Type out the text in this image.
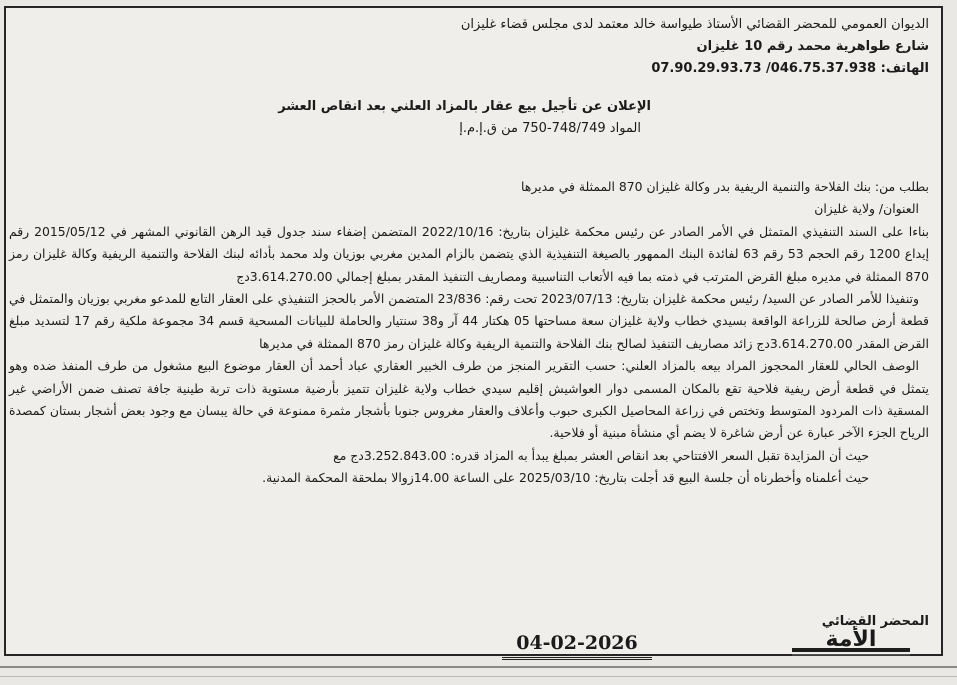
الديوان العمومي للمحضر القضائي الأستاذ طيواسة خالد معتمد لدى مجلس قضاء غليزان
شارع طواهرية محمد رقم 10 غليزان
الهاتف: 07.90.29.93.73 /046.75.37.938
الإعلان عن تأجيل بيع عقار بالمزاد العلني بعد انقاص العشر
المواد 748/749-750 من ق.إ.م.إ

بطلب من: بنك الفلاحة والتنمية الريفية بدر وكالة غليزان 870 الممثلة في مديرها

العنوان/ ولاية غليزان

بناءا على السند التنفيذي المتمثل في الأمر الصادر عن رئيس محكمة غليزان بتاريخ: 2022/10/16 المتضمن إضفاء سند جدول قيد الرهن القانوني المشهر في 2015/05/12 رقم إيداع 1200 رقم الحجم 53 رقم 63 لفائدة البنك الممهور بالصيغة التنفيذية الذي يتضمن بالزام المدين مغربي بوزيان ولد محمد بأدائه لبنك الفلاحة والتنمية الريفية وكالة غليزان رمز 870 الممثلة في مديره مبلغ القرض المترتب في ذمته بما فيه الأتعاب التناسبية ومصاريف التنفيذ المقدر بمبلغ إجمالي 3.614.270.00دج

وتنفيذا للأمر الصادر عن السيد/ رئيس محكمة غليزان بتاريخ: 2023/07/13 تحت رقم: 23/836 المتضمن الأمر بالحجز التنفيذي على العقار التابع للمدعو مغربي بوزيان والمتمثل في قطعة أرض صالحة للزراعة الواقعة بسيدي خطاب ولاية غليزان سعة مساحتها 05 هكتار 44 آر و38 سنتيار والحاملة للبيانات المسحية قسم 34 مجموعة ملكية رقم 17 لتسديد مبلغ القرض المقدر 3.614.270.00دج زائد مصاريف التنفيذ لصالح بنك الفلاحة والتنمية الريفية وكالة غليزان رمز 870 الممثلة في مديرها

الوصف الحالي للعقار المحجوز المراد بيعه بالمزاد العلني: حسب التقرير المنجز من طرف الخبير العقاري عباد أحمد أن العقار موضوع البيع مشغول من طرف المنفذ ضده وهو يتمثل في قطعة أرض ريفية فلاحية تقع بالمكان المسمى دوار العواشيش إقليم سيدي خطاب ولاية غليزان تتميز بأرضية مستوية ذات تربة طينية جافة تصنف ضمن الأراضي غير المسقية ذات المردود المتوسط وتختص في زراعة المحاصيل الكبرى حبوب وأعلاف والعقار مغروس جنوبا بأشجار مثمرة ممنوعة في حالة يبسان مع وجود بعض أشجار بستان كمصدة الرياح الجزء الآخر عبارة عن أرض شاغرة لا يضم أي منشأة مبنية أو فلاحية.

حيث أن المزايدة تقبل السعر الافتتاحي بعد انقاص العشر بمبلغ يبدأ به المزاد قدره: 3.252.843.00دج مع

حيث أعلمناه وأخطرناه أن جلسة البيع قد أجلت بتاريخ: 2025/03/10 على الساعة 14.00زوالا بملحقة المحكمة المدنية.

المحضر القضائي
04-02-2026	الأمة
